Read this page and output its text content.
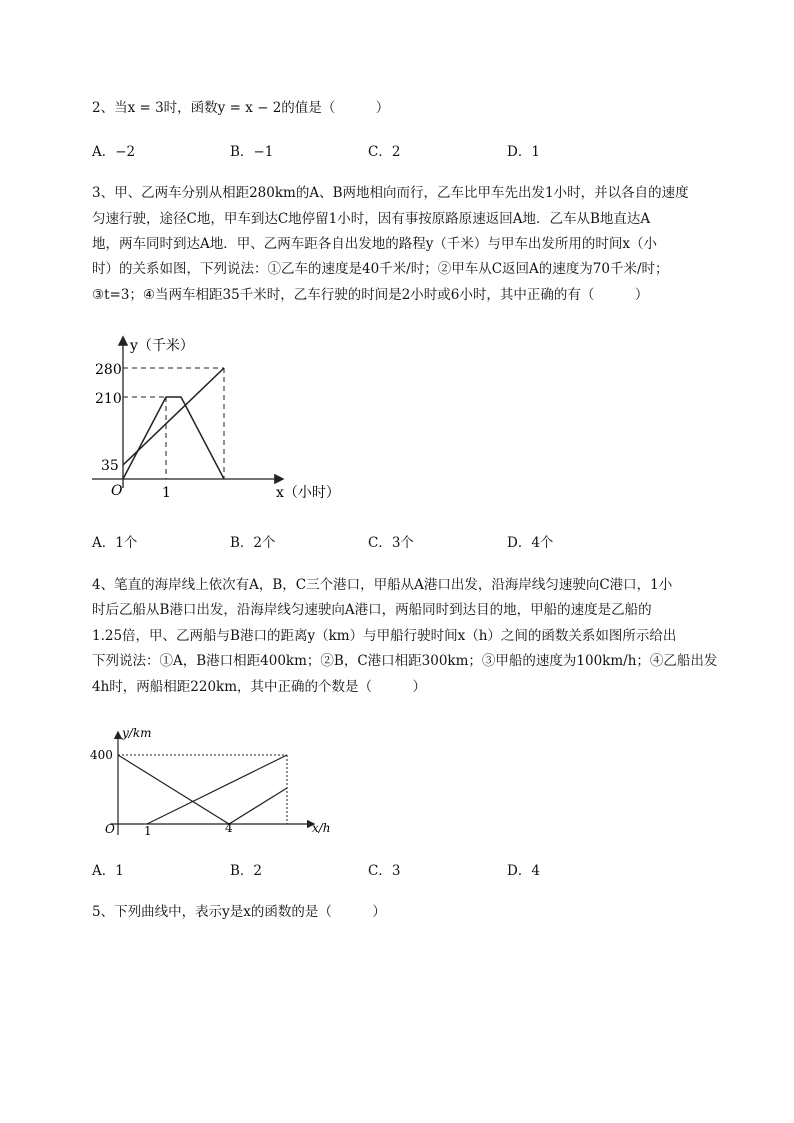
2、当x = 3时，函数y = x − 2的值是（　　　）
A．−2	B．−1	C．2	D．1
3、甲、乙两车分别从相距280km的A、B两地相向而行，乙车比甲车先出发1小时，并以各自的速度
匀速行驶，途径C地，甲车到达C地停留1小时，因有事按原路原速返回A地．乙车从B地直达A
地，两车同时到达A地．甲、乙两车距各自出发地的路程y（千米）与甲车出发所用的时间x（小
时）的关系如图，下列说法：①乙车的速度是40千米/时；②甲车从C返回A的速度为70千米/时；
③t=3；④当两车相距35千米时，乙车行驶的时间是2小时或6小时，其中正确的有（　　　）
y（千米）
x（小时）
O
280
210
35
1
A．1个	B．2个	C．3个	D．4个
4、笔直的海岸线上依次有A，B，C三个港口，甲船从A港口出发，沿海岸线匀速驶向C港口，1小
时后乙船从B港口出发，沿海岸线匀速驶向A港口，两船同时到达目的地，甲船的速度是乙船的
1.25倍，甲、乙两船与B港口的距离y（km）与甲船行驶时间x（h）之间的函数关系如图所示给出
下列说法：①A，B港口相距400km；②B，C港口相距300km；③甲船的速度为100km/h；④乙船出发
4h时，两船相距220km，其中正确的个数是（　　　）
y/km
x/h
O
400
1	4
A．1	B．2	C．3	D．4
5、下列曲线中，表示y是x的函数的是（　　　）
